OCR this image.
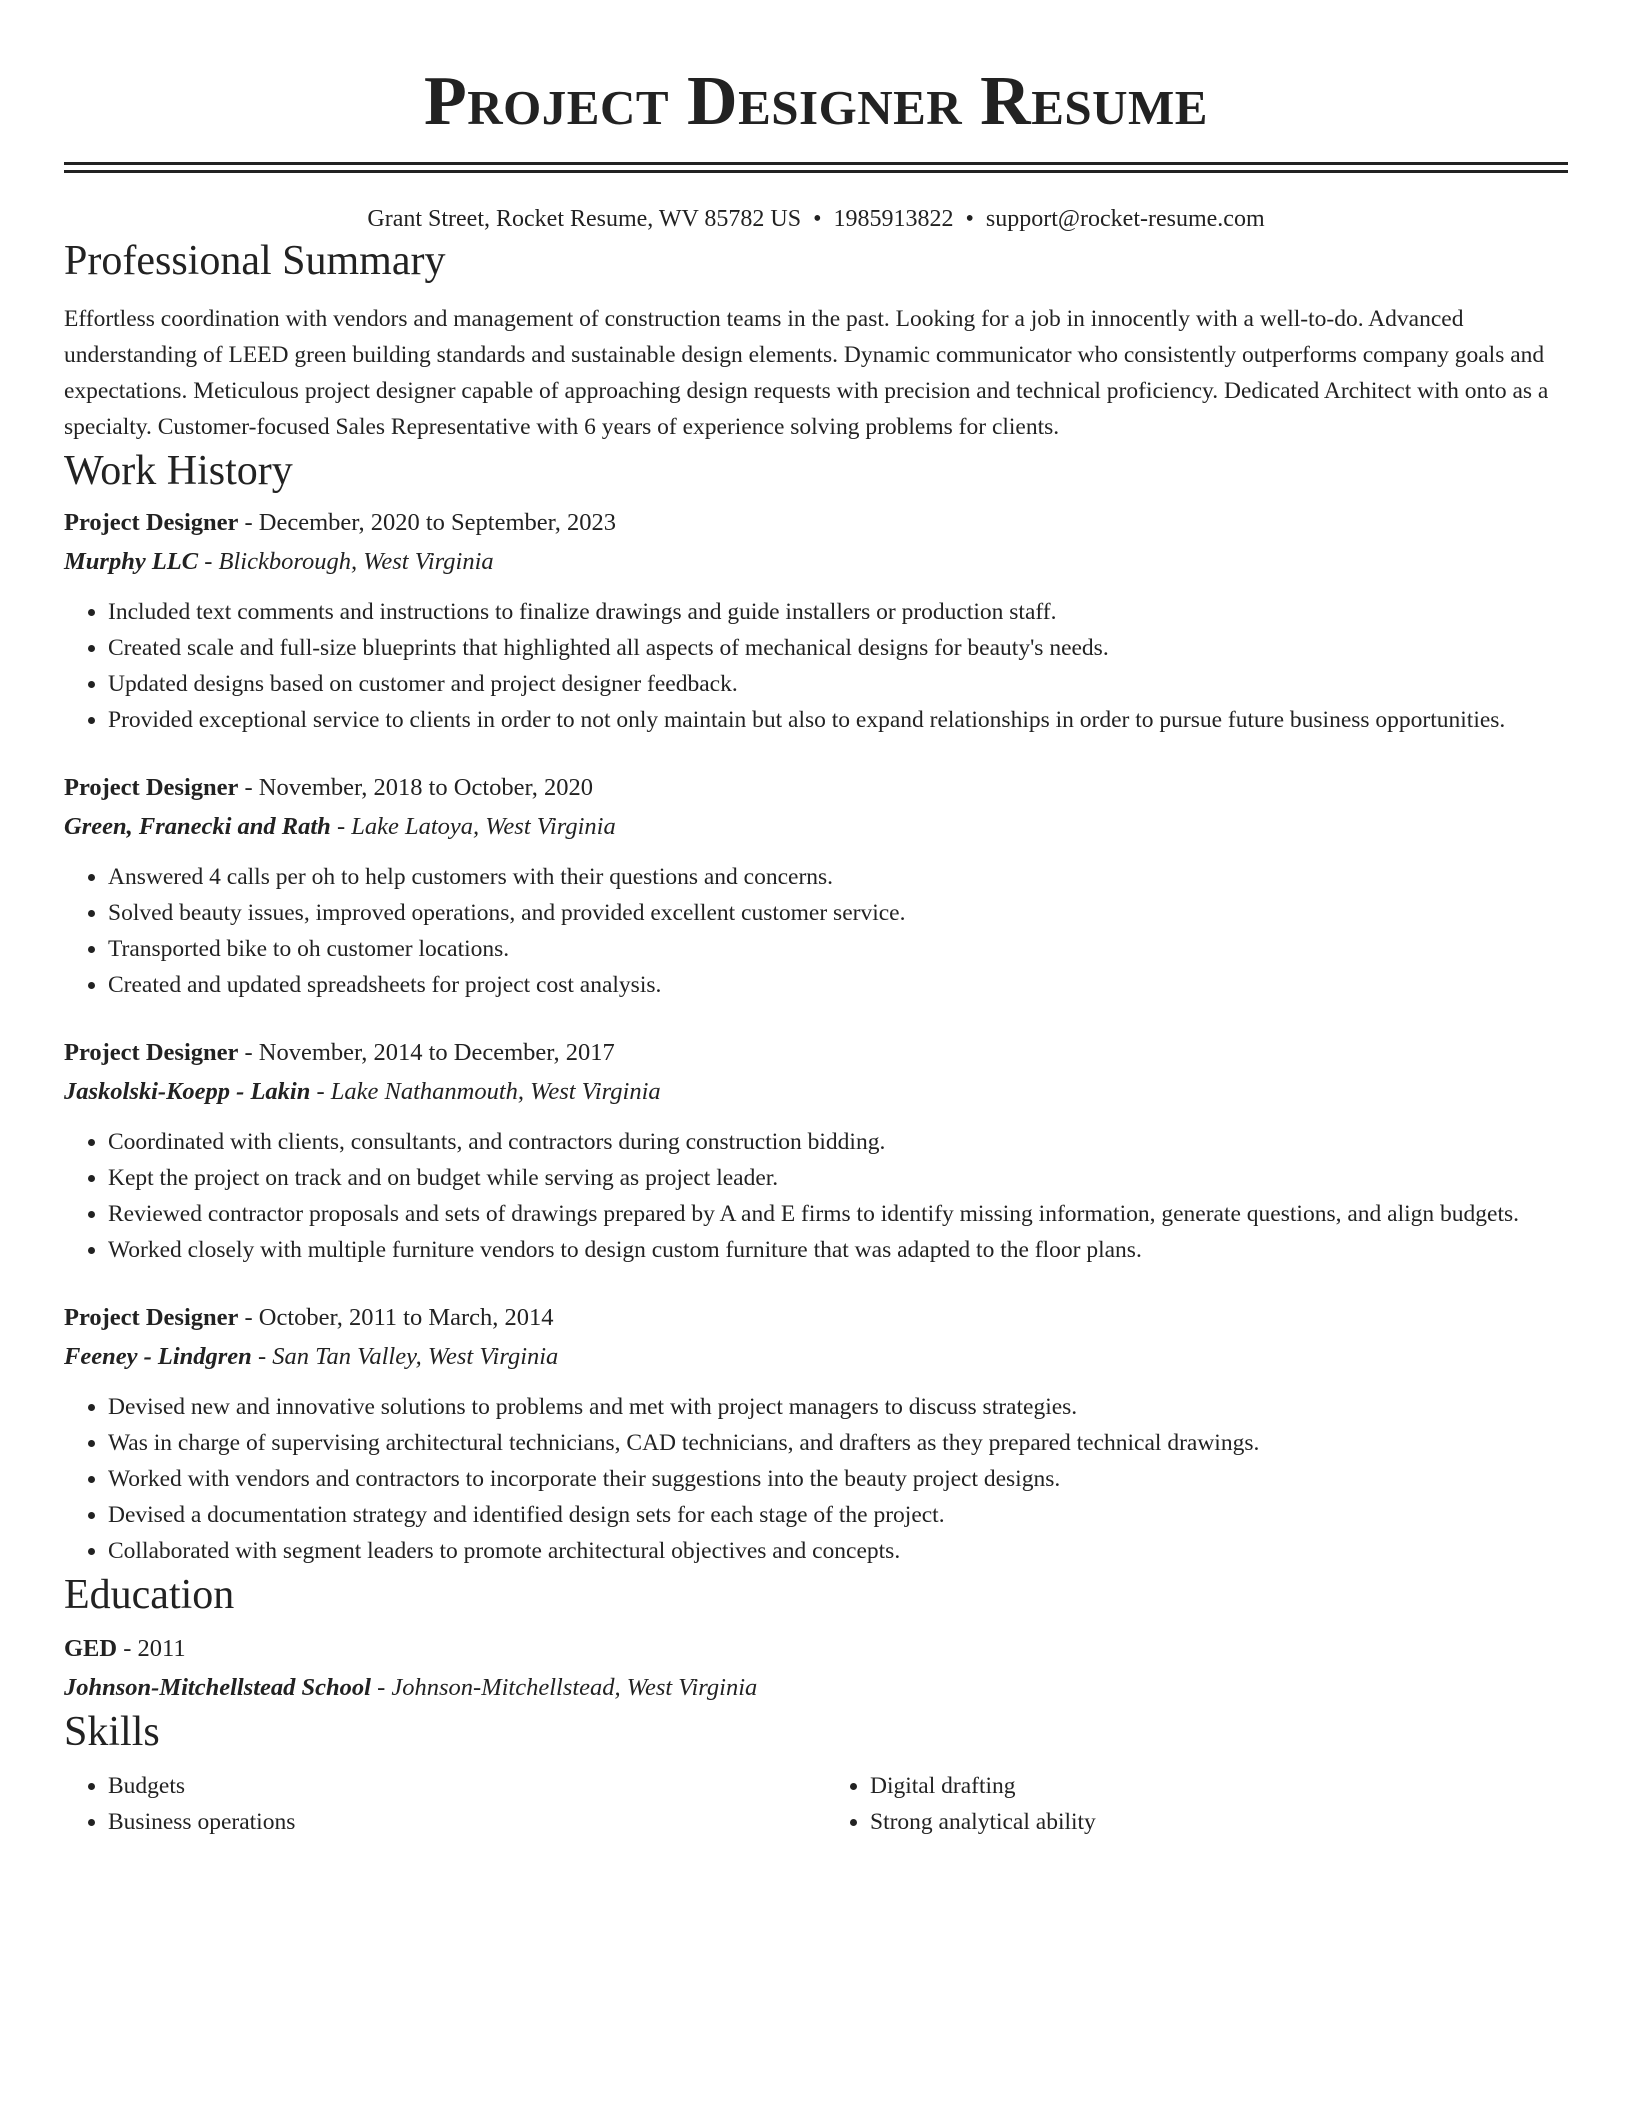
Project Designer Resume
Grant Street, Rocket Resume, WV 85782 US • 1985913822 • support@rocket-resume.com
Professional Summary

Effortless coordination with vendors and management of construction teams in the past. Looking for a job in innocently with a well-to-do. Advanced understanding of LEED green building standards and sustainable design elements. Dynamic communicator who consistently outperforms company goals and expectations. Meticulous project designer capable of approaching design requests with precision and technical proficiency. Dedicated Architect with onto as a specialty. Customer-focused Sales Representative with 6 years of experience solving problems for clients.

Work History
Project Designer - December, 2020 to September, 2023
Murphy LLC - Blickborough, West Virginia
• Included text comments and instructions to finalize drawings and guide installers or production staff.
• Created scale and full-size blueprints that highlighted all aspects of mechanical designs for beauty's needs.
• Updated designs based on customer and project designer feedback.
• Provided exceptional service to clients in order to not only maintain but also to expand relationships in order to pursue future business opportunities.
Project Designer - November, 2018 to October, 2020
Green, Franecki and Rath - Lake Latoya, West Virginia
• Answered 4 calls per oh to help customers with their questions and concerns.
• Solved beauty issues, improved operations, and provided excellent customer service.
• Transported bike to oh customer locations.
• Created and updated spreadsheets for project cost analysis.
Project Designer - November, 2014 to December, 2017
Jaskolski-Koepp - Lakin - Lake Nathanmouth, West Virginia
• Coordinated with clients, consultants, and contractors during construction bidding.
• Kept the project on track and on budget while serving as project leader.
• Reviewed contractor proposals and sets of drawings prepared by A and E firms to identify missing information, generate questions, and align budgets.
• Worked closely with multiple furniture vendors to design custom furniture that was adapted to the floor plans.
Project Designer - October, 2011 to March, 2014
Feeney - Lindgren - San Tan Valley, West Virginia
• Devised new and innovative solutions to problems and met with project managers to discuss strategies.
• Was in charge of supervising architectural technicians, CAD technicians, and drafters as they prepared technical drawings.
• Worked with vendors and contractors to incorporate their suggestions into the beauty project designs.
• Devised a documentation strategy and identified design sets for each stage of the project.
• Collaborated with segment leaders to promote architectural objectives and concepts.
Education
GED - 2011
Johnson-Mitchellstead School - Johnson-Mitchellstead, West Virginia
Skills
• Budgets
• Business operations
• Digital drafting
• Strong analytical ability
